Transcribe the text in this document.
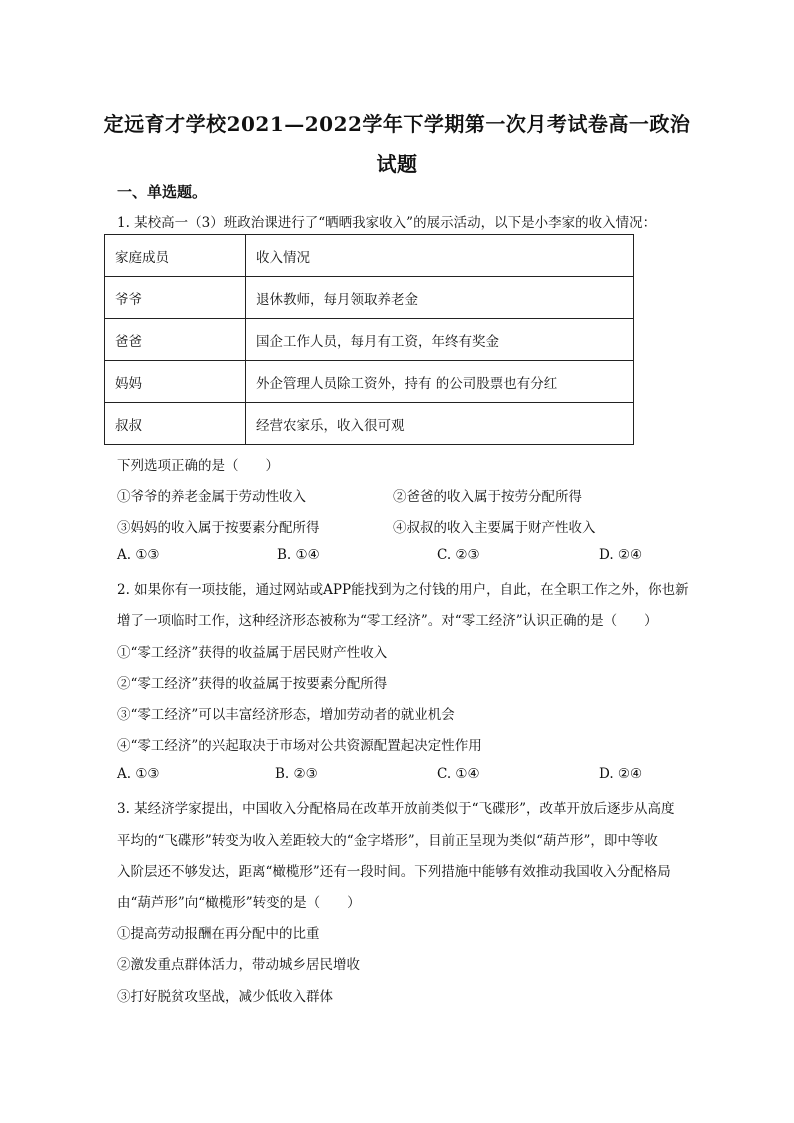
定远育才学校2021—2022学年下学期第一次月考试卷高一政治
试题
一、单选题。
1. 某校高一（3）班政治课进行了“晒晒我家收入”的展示活动，以下是小李家的收入情况：
家庭成员	收入情况
爷爷	退休教师，每月领取养老金
爸爸	国企工作人员，每月有工资，年终有奖金
妈妈	外企管理人员除工资外，持有 的公司股票也有分红
叔叔	经营农家乐，收入很可观
下列选项正确的是（　　）
①爷爷的养老金属于劳动性收入	②爸爸的收入属于按劳分配所得
③妈妈的收入属于按要素分配所得	④叔叔的收入主要属于财产性收入
A. ①③	B. ①④	C. ②③	D. ②④
2. 如果你有一项技能，通过网站或APP能找到为之付钱的用户，自此，在全职工作之外，你也新
增了一项临时工作，这种经济形态被称为“零工经济”。对“零工经济”认识正确的是（　　）
①“零工经济”获得的收益属于居民财产性收入
②“零工经济”获得的收益属于按要素分配所得
③“零工经济”可以丰富经济形态，增加劳动者的就业机会
④“零工经济”的兴起取决于市场对公共资源配置起决定性作用
A. ①③	B. ②③	C. ①④	D. ②④
3. 某经济学家提出，中国收入分配格局在改革开放前类似于“飞碟形”，改革开放后逐步从高度
平均的“飞碟形”转变为收入差距较大的“金字塔形”，目前正呈现为类似“葫芦形”，即中等收
入阶层还不够发达，距离“橄榄形”还有一段时间。下列措施中能够有效推动我国收入分配格局
由“葫芦形”向“橄榄形”转变的是（　　）
①提高劳动报酬在再分配中的比重
②激发重点群体活力，带动城乡居民增收
③打好脱贫攻坚战，减少低收入群体
